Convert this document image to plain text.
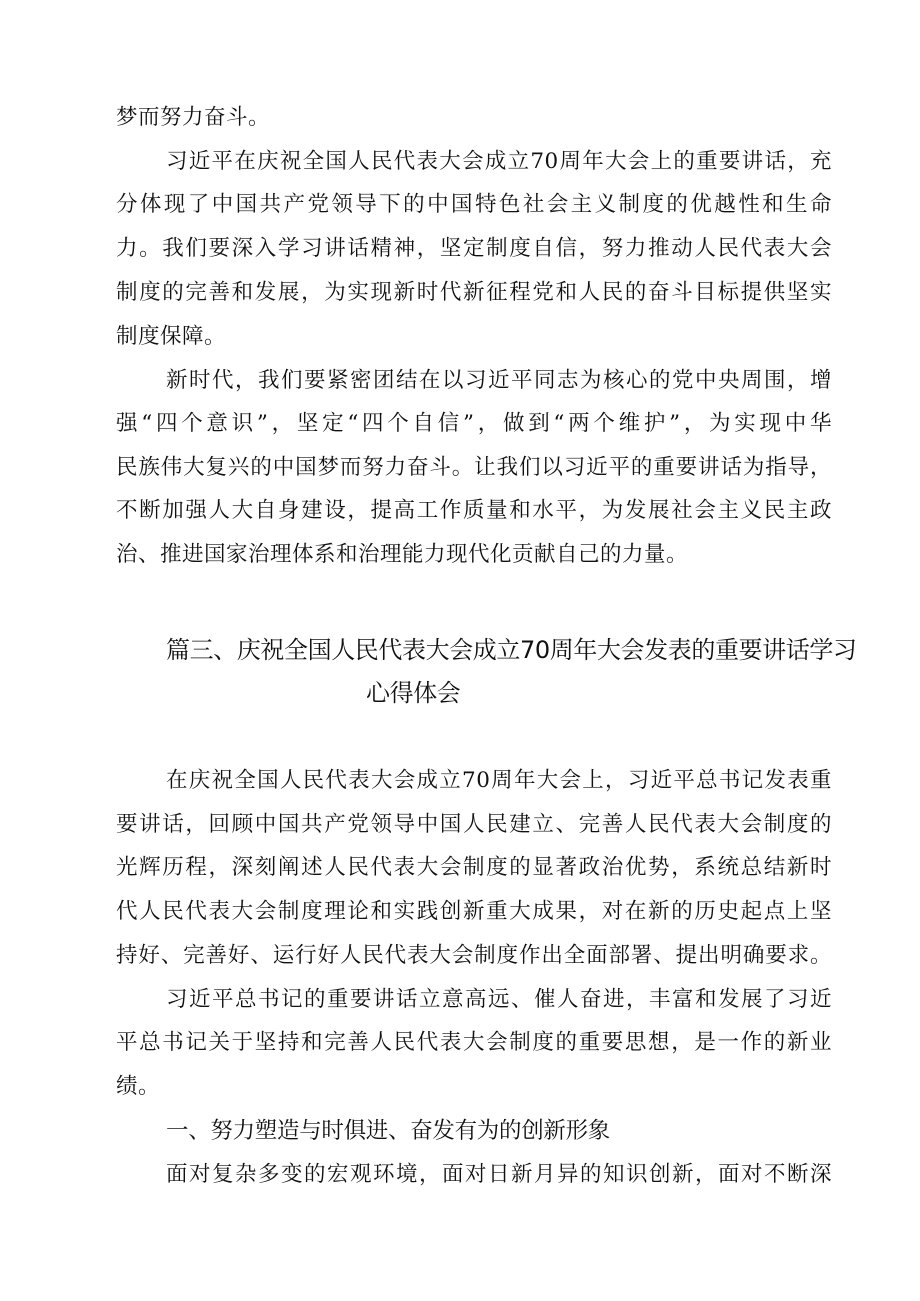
梦而努力奋斗。
习近平在庆祝全国人民代表大会成立70周年大会上的重要讲话，充
分体现了中国共产党领导下的中国特色社会主义制度的优越性和生命
力。我们要深入学习讲话精神，坚定制度自信，努力推动人民代表大会
制度的完善和发展，为实现新时代新征程党和人民的奋斗目标提供坚实
制度保障。
新时代，我们要紧密团结在以习近平同志为核心的党中央周围，增
强“四个意识”，坚定“四个自信”，做到“两个维护”，为实现中华
民族伟大复兴的中国梦而努力奋斗。让我们以习近平的重要讲话为指导，
不断加强人大自身建设，提高工作质量和水平，为发展社会主义民主政
治、推进国家治理体系和治理能力现代化贡献自己的力量。
篇三、庆祝全国人民代表大会成立70周年大会发表的重要讲话学习
心得体会
在庆祝全国人民代表大会成立70周年大会上，习近平总书记发表重
要讲话，回顾中国共产党领导中国人民建立、完善人民代表大会制度的
光辉历程，深刻阐述人民代表大会制度的显著政治优势，系统总结新时
代人民代表大会制度理论和实践创新重大成果，对在新的历史起点上坚
持好、完善好、运行好人民代表大会制度作出全面部署、提出明确要求。
习近平总书记的重要讲话立意高远、催人奋进，丰富和发展了习近
平总书记关于坚持和完善人民代表大会制度的重要思想，是一作的新业
绩。
一、努力塑造与时俱进、奋发有为的创新形象
面对复杂多变的宏观环境，面对日新月异的知识创新，面对不断深
